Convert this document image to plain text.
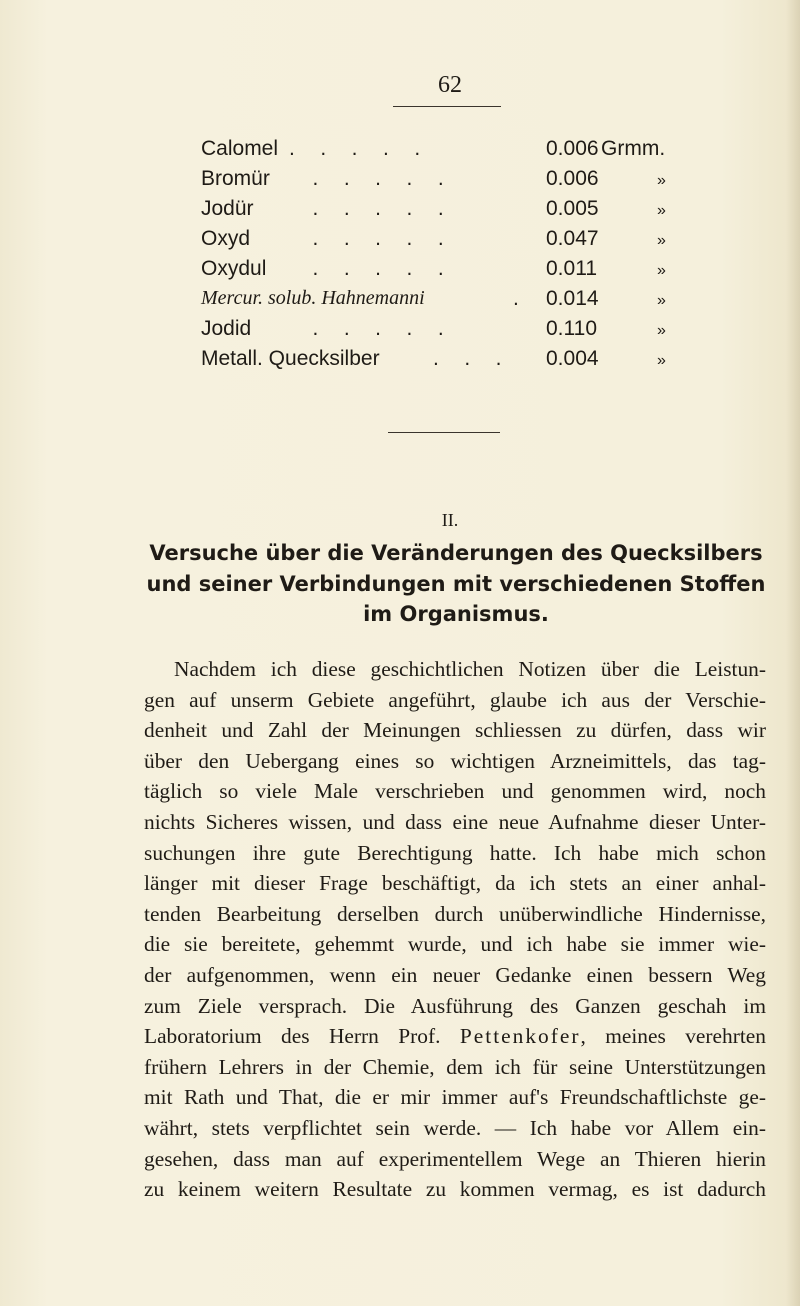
62
Calomel .   .   .   .   .	0.006 Grmm.
Bromür .   .   .   .   .	0.006	»
Jodür .   .   .   .   .	0.005	»
Oxyd .   .   .   .   .	0.047	»
Oxydul .   .   .   .   .	0.011	»
Mercur. solub. Hahnemanni	. 0.014	»
Jodid .   .   .   .   .	0.110	»
Metall. Quecksilber	.   .   . 0.004	»
II.
Versuche über die Veränderungen des Quecksilbers
und seiner Verbindungen mit verschiedenen Stoffen
im Organismus.
Nachdem ich diese geschichtlichen Notizen über die Leistun-
gen auf unserm Gebiete angeführt, glaube ich aus der Verschie-
denheit und Zahl der Meinungen schliessen zu dürfen, dass wir
über den Uebergang eines so wichtigen Arzneimittels, das tag-
täglich so viele Male verschrieben und genommen wird, noch
nichts Sicheres wissen, und dass eine neue Aufnahme dieser Unter-
suchungen ihre gute Berechtigung hatte. Ich habe mich schon
länger mit dieser Frage beschäftigt, da ich stets an einer anhal-
tenden Bearbeitung derselben durch unüberwindliche Hindernisse,
die sie bereitete, gehemmt wurde, und ich habe sie immer wie-
der aufgenommen, wenn ein neuer Gedanke einen bessern Weg
zum Ziele versprach. Die Ausführung des Ganzen geschah im
Laboratorium des Herrn Prof. Pettenkofer, meines verehrten
frühern Lehrers in der Chemie, dem ich für seine Unterstützungen
mit Rath und That, die er mir immer auf's Freundschaftlichste ge-
währt, stets verpflichtet sein werde. — Ich habe vor Allem ein-
gesehen, dass man auf experimentellem Wege an Thieren hierin
zu keinem weitern Resultate zu kommen vermag, es ist dadurch
